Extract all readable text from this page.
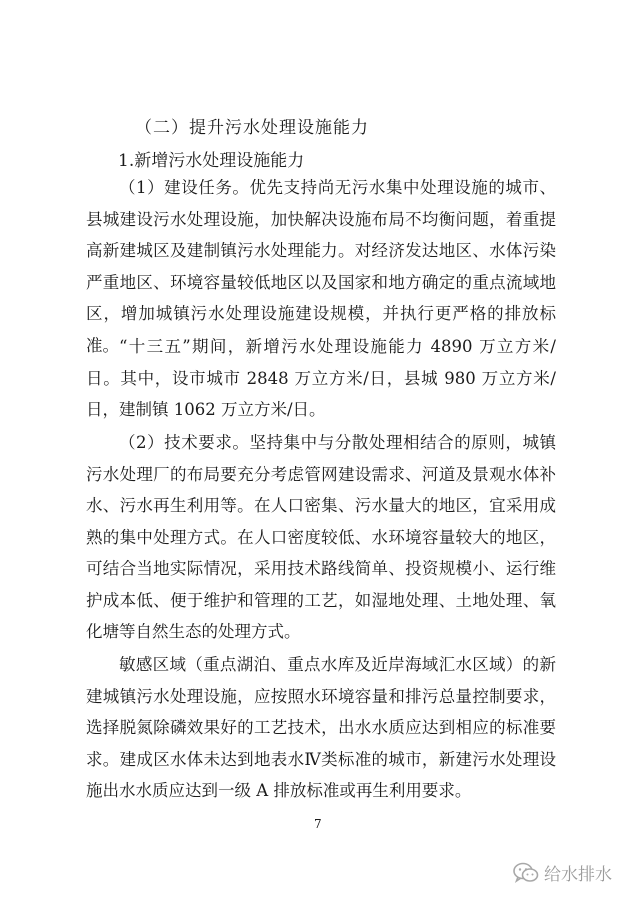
（二）提升污水处理设施能力
1.新增污水处理设施能力

（1）建设任务。优先支持尚无污水集中处理设施的城市、县城建设污水处理设施，加快解决设施布局不均衡问题，着重提高新建城区及建制镇污水处理能力。对经济发达地区、水体污染严重地区、环境容量较低地区以及国家和地方确定的重点流域地区，增加城镇污水处理设施建设规模，并执行更严格的排放标准。 “十三五”期间，新增污水处理设施能力 4890 万立方米/日。其中，设市城市 2848 万立方米/日，县城 980 万立方米/日，建制镇 1062 万立方米/日。

（2）技术要求。坚持集中与分散处理相结合的原则，城镇污水处理厂的布局要充分考虑管网建设需求、河道及景观水体补水、污水再生利用等。在人口密集、污水量大的地区，宜采用成熟的集中处理方式。在人口密度较低、水环境容量较大的地区，可结合当地实际情况，采用技术路线简单、投资规模小、运行维护成本低、便于维护和管理的工艺，如湿地处理、土地处理、氧化塘等自然生态的处理方式。

敏感区域（重点湖泊、重点水库及近岸海域汇水区域）的新建城镇污水处理设施，应按照水环境容量和排污总量控制要求，选择脱氮除磷效果好的工艺技术，出水水质应达到相应的标准要求。建成区水体未达到地表水Ⅳ类标准的城市，新建污水处理设施出水水质应达到一级 A 排放标准或再生利用要求。

7
给水排水
